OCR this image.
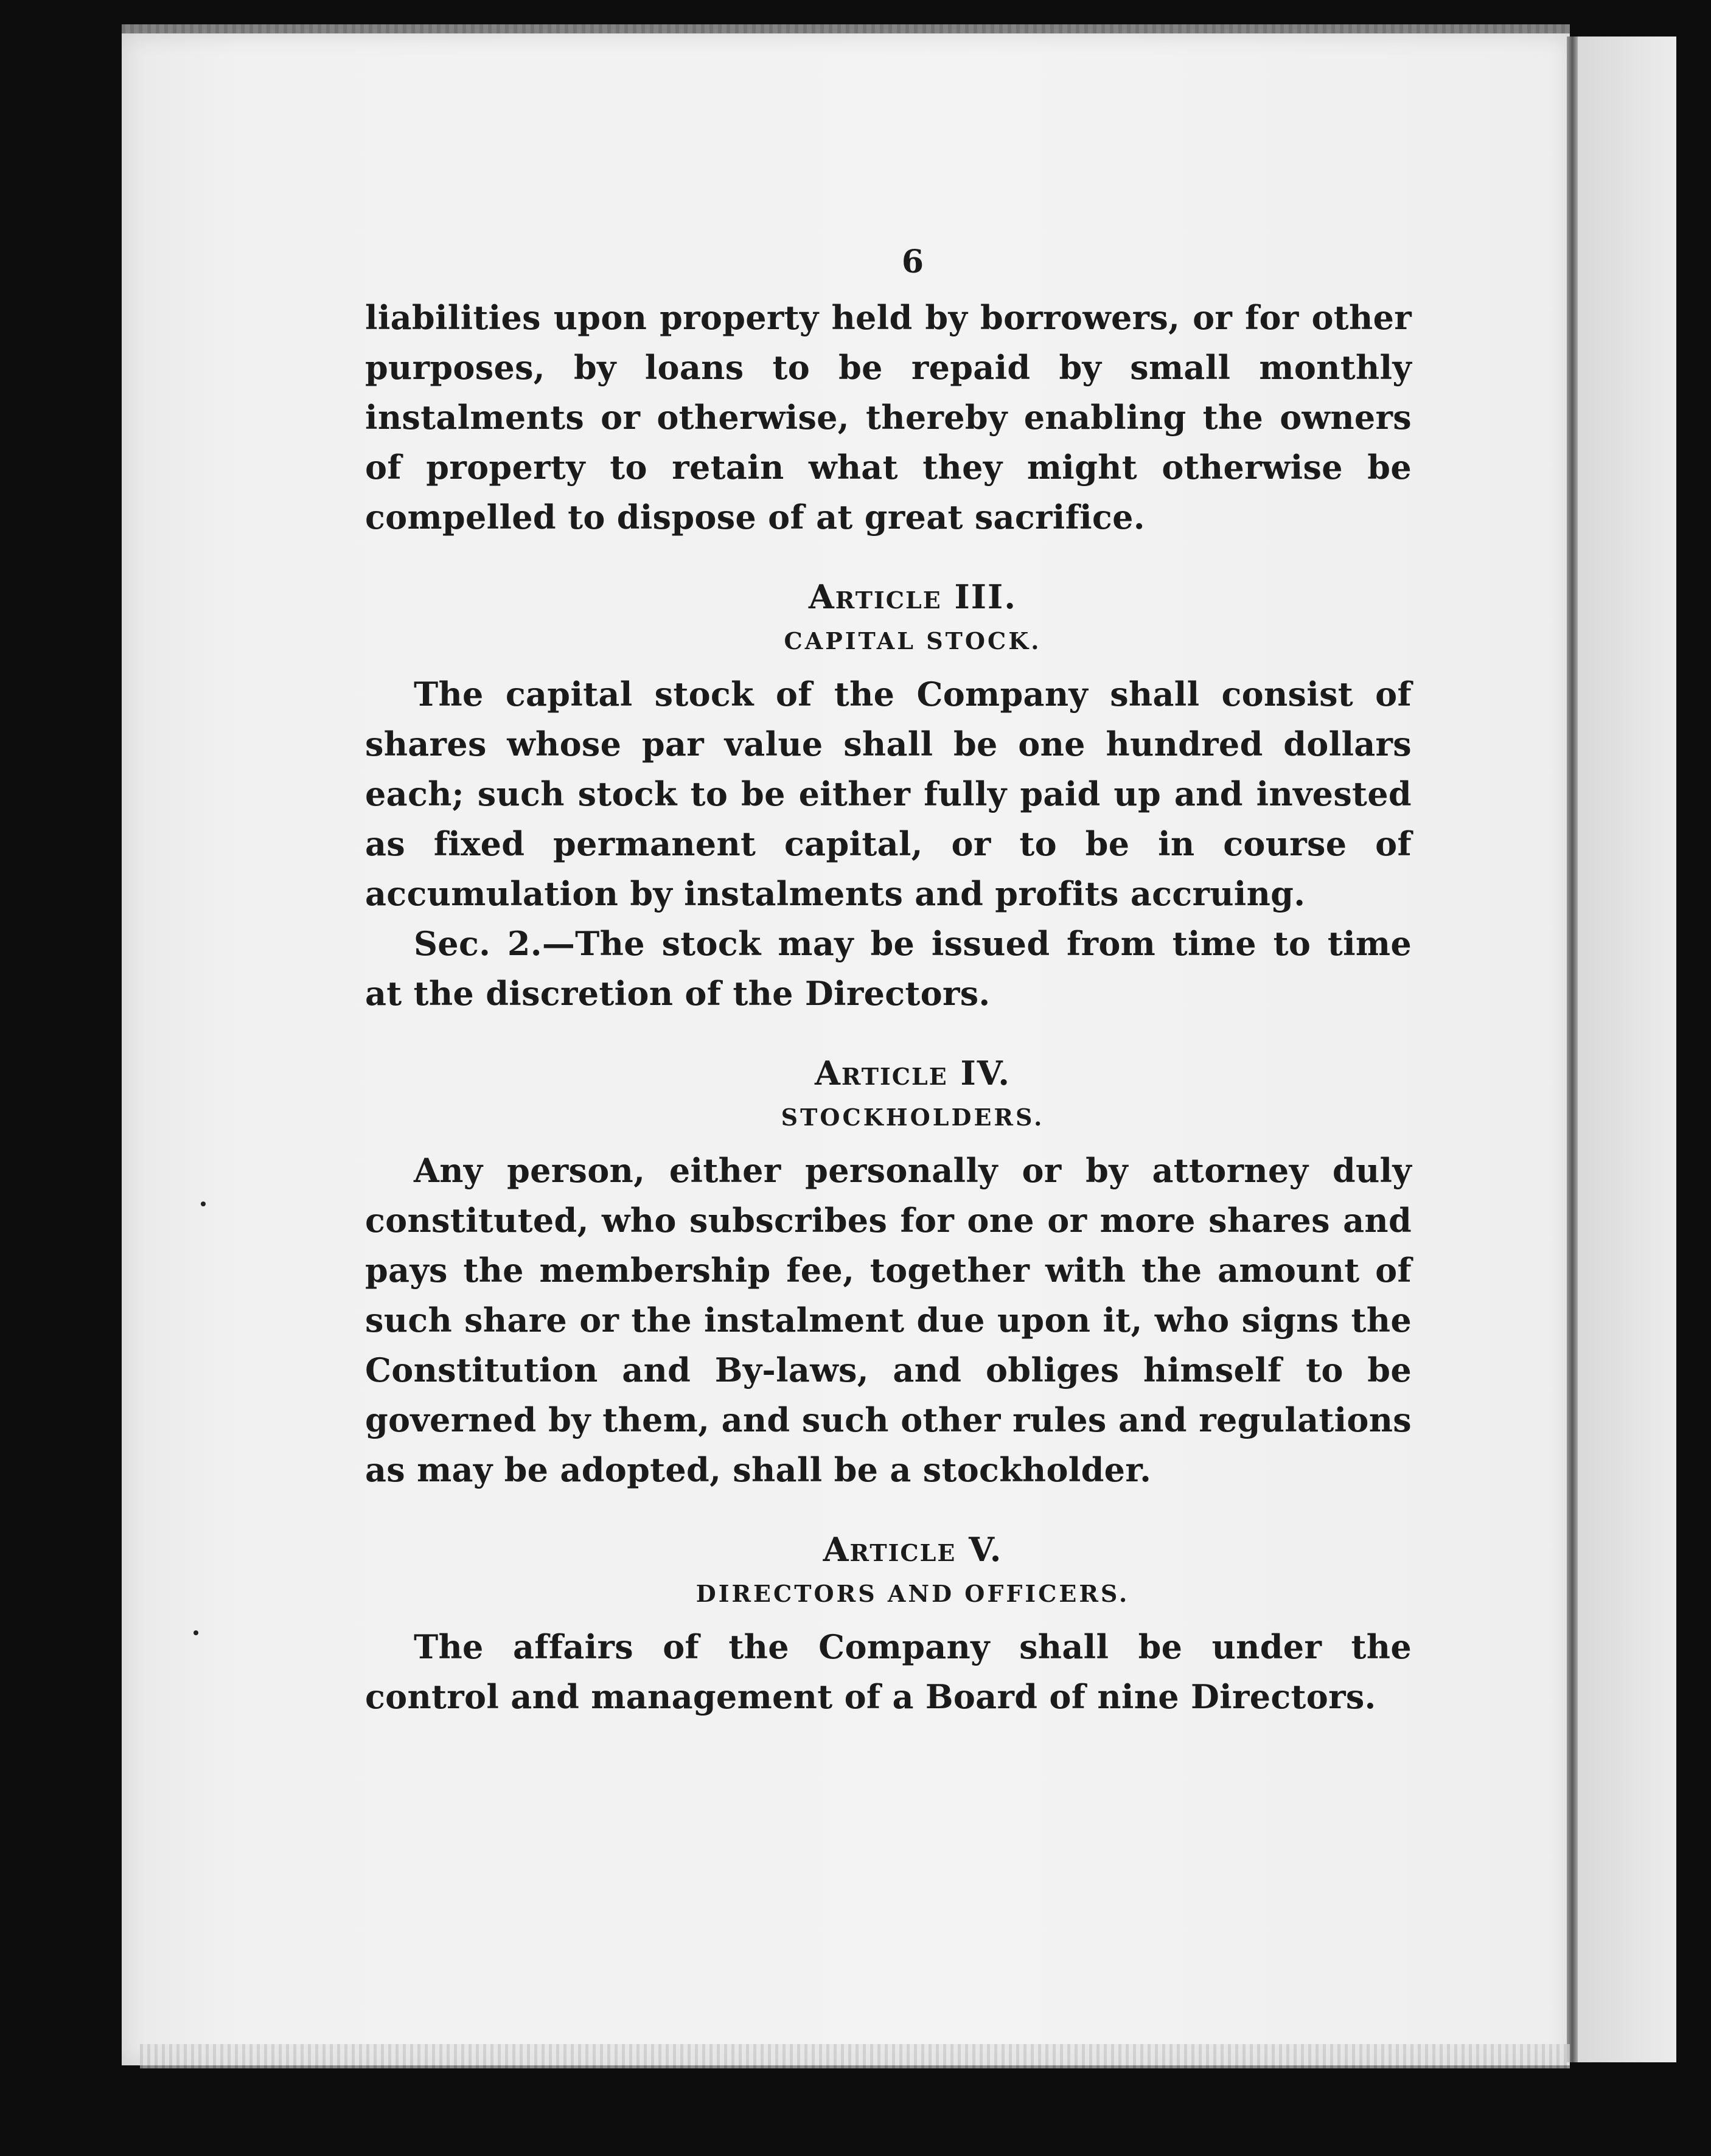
6

liabilities upon property held by borrowers, or for other purposes, by loans to be repaid by small monthly instalments or otherwise, thereby enabling the owners of property to retain what they might otherwise be compelled to dispose of at great sacrifice.

Article III.
CAPITAL STOCK.

The capital stock of the Company shall consist of shares whose par value shall be one hundred dollars each; such stock to be either fully paid up and invested as fixed permanent capital, or to be in course of accumulation by instalments and profits accruing.

Sec. 2.—The stock may be issued from time to time at the discretion of the Directors.

Article IV.
STOCKHOLDERS.

Any person, either personally or by attorney duly constituted, who subscribes for one or more shares and pays the membership fee, together with the amount of such share or the instalment due upon it, who signs the Constitution and By-laws, and obliges himself to be governed by them, and such other rules and regulations as may be adopted, shall be a stockholder.

Article V.
DIRECTORS AND OFFICERS.

The affairs of the Company shall be under the control and management of a Board of nine Directors.
